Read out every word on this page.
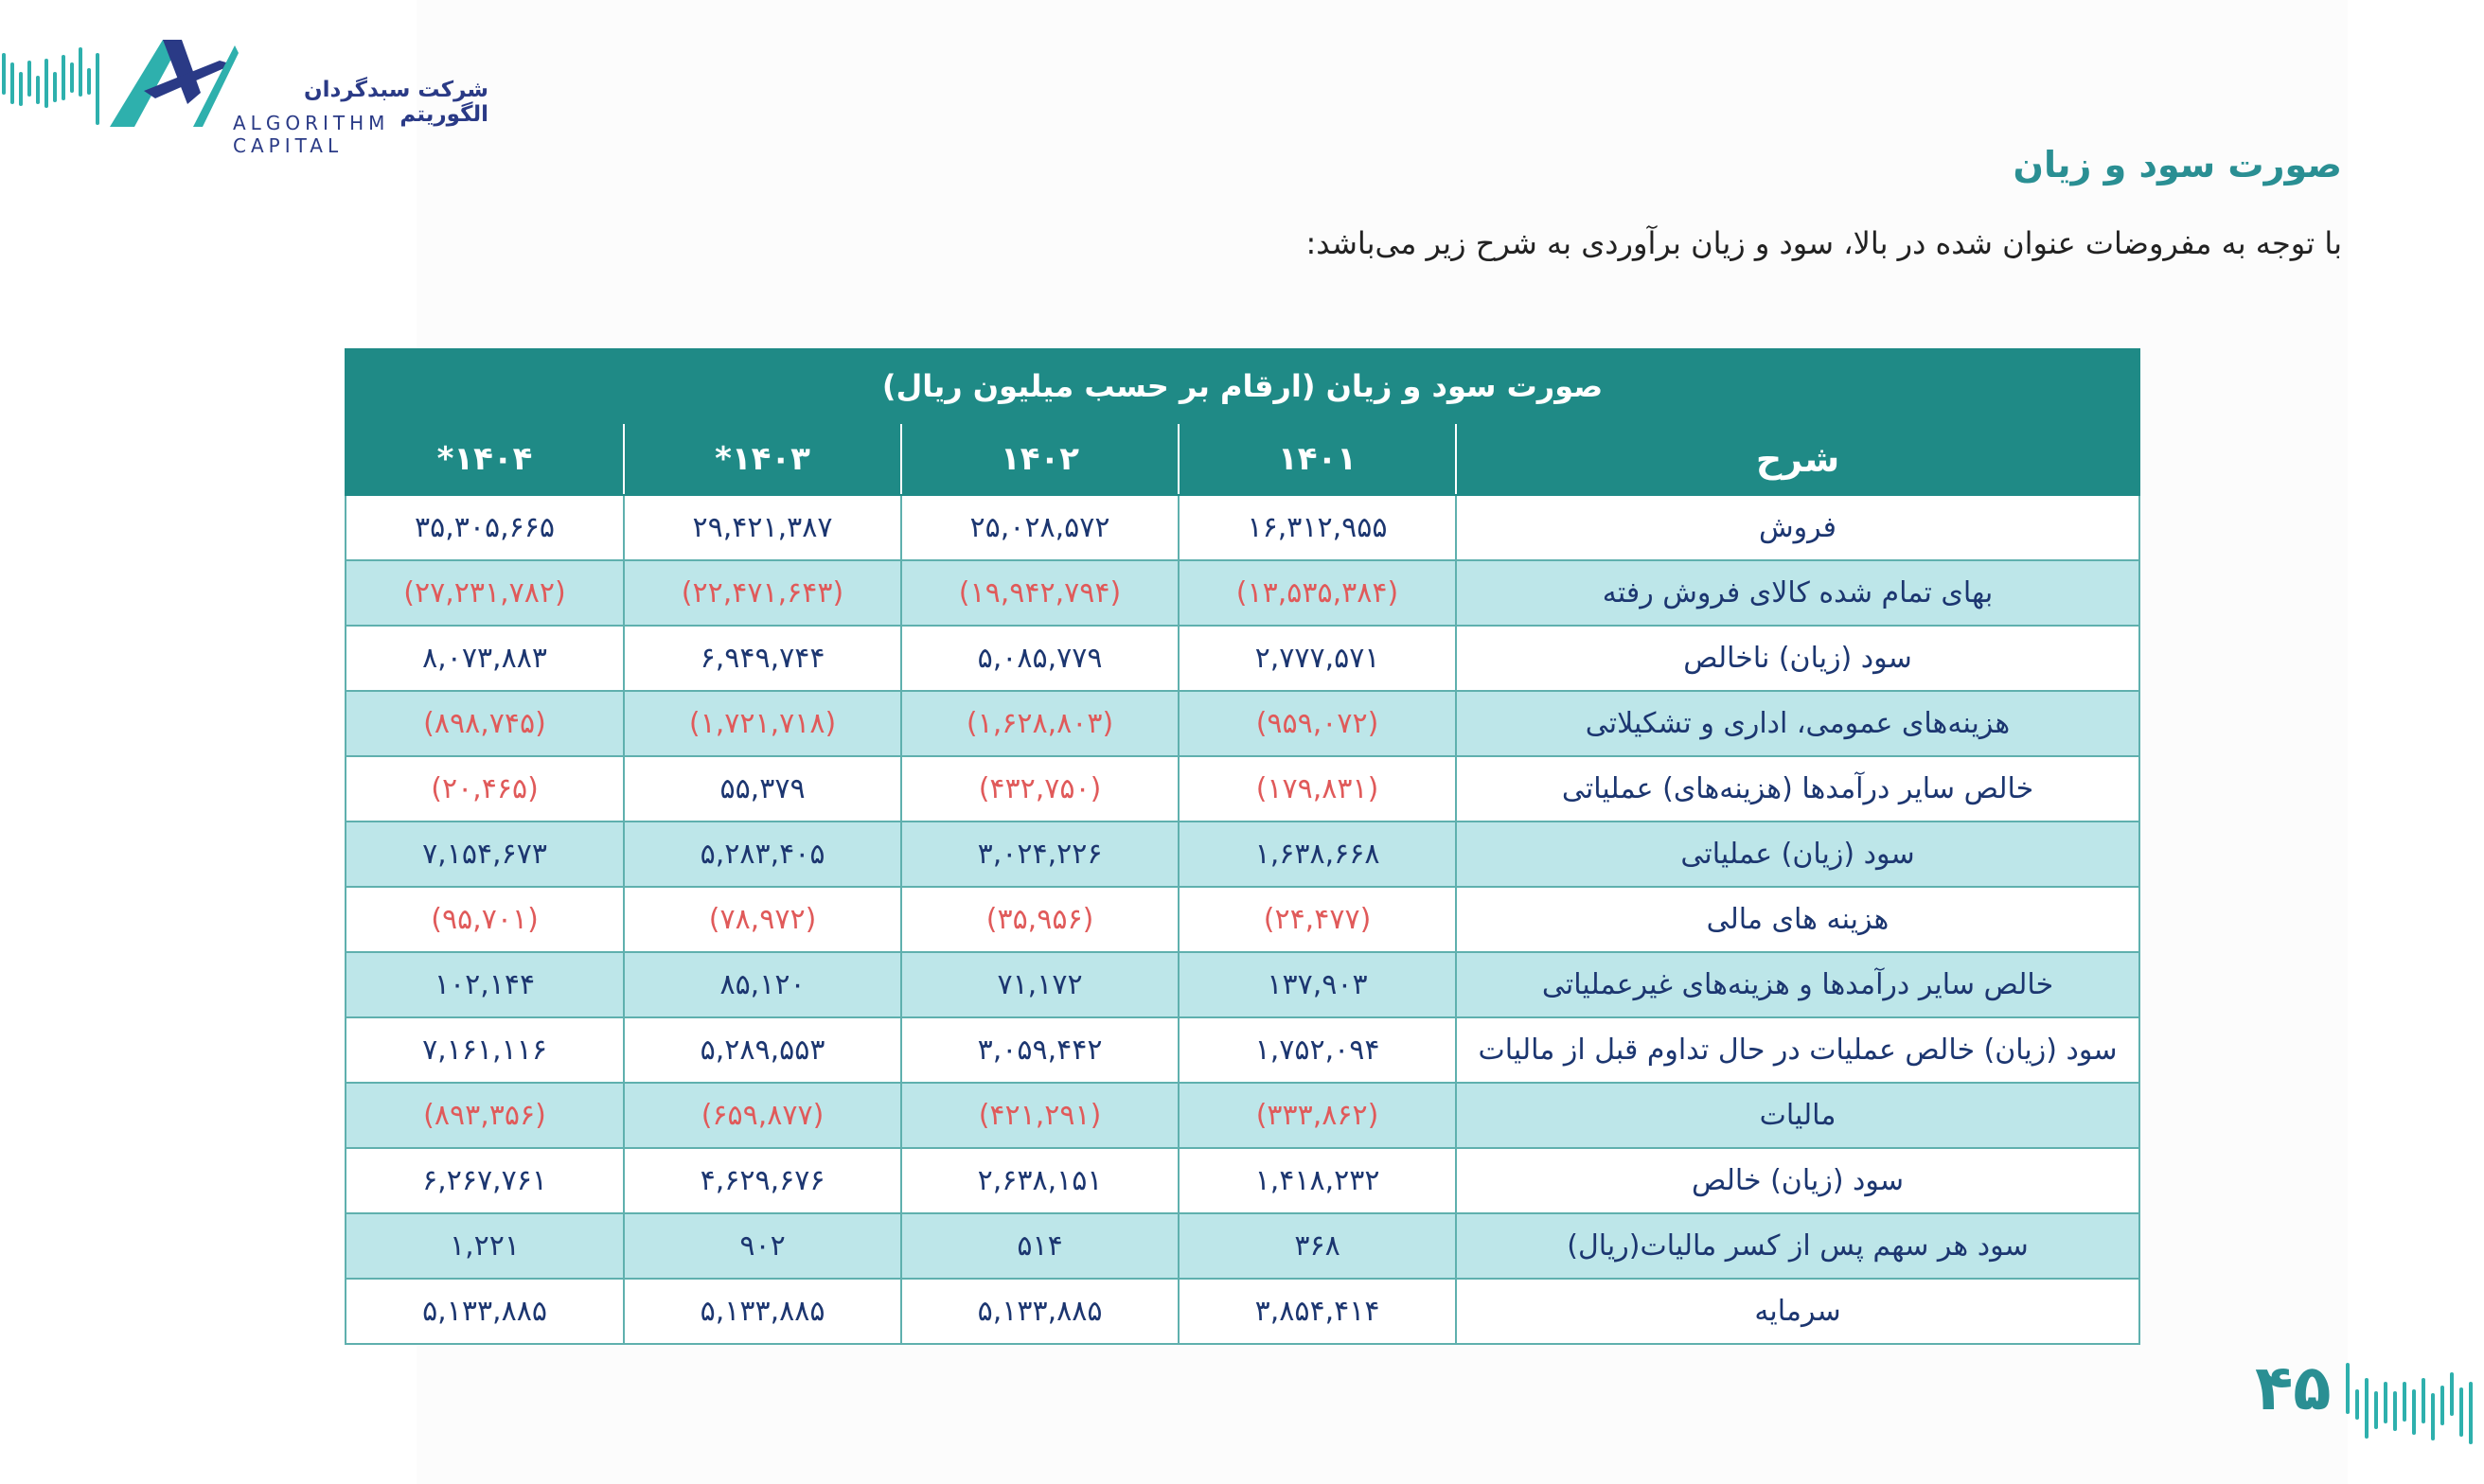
شرکت سبدگردان الگوریتم
ALGORITHM CAPITAL	صورت سود و زیان
با توجه به مفروضات عنوان شده در بالا، سود و زیان برآوردی به شرح زیر می‌باشد:
صورت سود و زیان (ارقام بر حسب میلیون ریال)				
شرح	۱۴۰۱	۱۴۰۲	۱۴۰۳*	۱۴۰۴*
فروش	۱۶,۳۱۲,۹۵۵	۲۵,۰۲۸,۵۷۲	۲۹,۴۲۱,۳۸۷	۳۵,۳۰۵,۶۶۵
بهای تمام شده کالای فروش رفته	(۱۳,۵۳۵,۳۸۴)	(۱۹,۹۴۲,۷۹۴)	(۲۲,۴۷۱,۶۴۳)	(۲۷,۲۳۱,۷۸۲)
سود (زیان) ناخالص	۲,۷۷۷,۵۷۱	۵,۰۸۵,۷۷۹	۶,۹۴۹,۷۴۴	۸,۰۷۳,۸۸۳
هزینه‌های عمومی، اداری و تشکیلاتی	(۹۵۹,۰۷۲)	(۱,۶۲۸,۸۰۳)	(۱,۷۲۱,۷۱۸)	(۸۹۸,۷۴۵)
خالص سایر درآمدها (هزینه‌های) عملیاتی	(۱۷۹,۸۳۱)	(۴۳۲,۷۵۰)	۵۵,۳۷۹	(۲۰,۴۶۵)
سود (زیان) عملیاتی	۱,۶۳۸,۶۶۸	۳,۰۲۴,۲۲۶	۵,۲۸۳,۴۰۵	۷,۱۵۴,۶۷۳
هزینه های مالی	(۲۴,۴۷۷)	(۳۵,۹۵۶)	(۷۸,۹۷۲)	(۹۵,۷۰۱)
خالص سایر درآمدها و هزینه‌های غیرعملیاتی	۱۳۷,۹۰۳	۷۱,۱۷۲	۸۵,۱۲۰	۱۰۲,۱۴۴
سود (زیان) خالص عملیات در حال تداوم قبل از مالیات	۱,۷۵۲,۰۹۴	۳,۰۵۹,۴۴۲	۵,۲۸۹,۵۵۳	۷,۱۶۱,۱۱۶
مالیات	(۳۳۳,۸۶۲)	(۴۲۱,۲۹۱)	(۶۵۹,۸۷۷)	(۸۹۳,۳۵۶)
سود (زیان) خالص	۱,۴۱۸,۲۳۲	۲,۶۳۸,۱۵۱	۴,۶۲۹,۶۷۶	۶,۲۶۷,۷۶۱
سود هر سهم پس از کسر مالیات(ریال)	۳۶۸	۵۱۴	۹۰۲	۱,۲۲۱
سرمایه	۳,۸۵۴,۴۱۴	۵,۱۳۳,۸۸۵	۵,۱۳۳,۸۸۵	۵,۱۳۳,۸۸۵
۴۵
